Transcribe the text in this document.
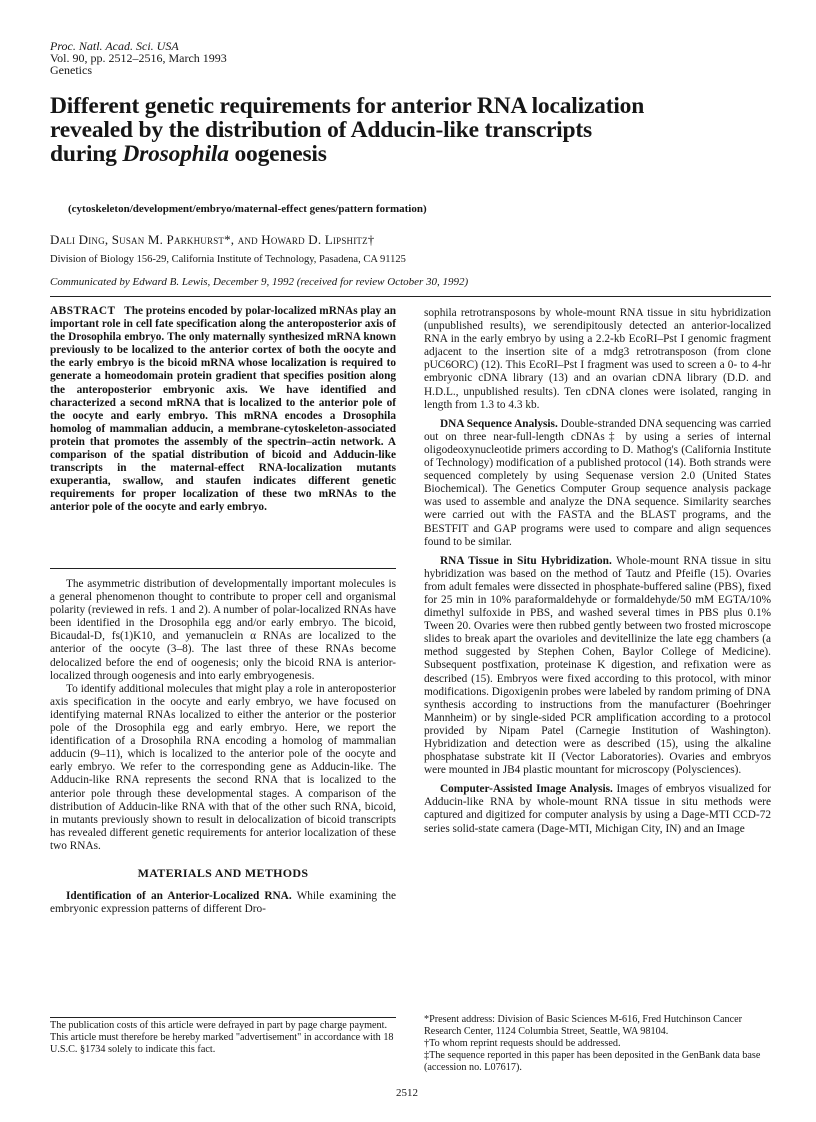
Proc. Natl. Acad. Sci. USA
Vol. 90, pp. 2512–2516, March 1993
Genetics
Different genetic requirements for anterior RNA localization
revealed by the distribution of Adducin-like transcripts
during Drosophila oogenesis
(cytoskeleton/development/embryo/maternal-effect genes/pattern formation)
Dali Ding, Susan M. Parkhurst*, and Howard D. Lipshitz†
Division of Biology 156-29, California Institute of Technology, Pasadena, CA 91125
Communicated by Edward B. Lewis, December 9, 1992 (received for review October 30, 1992)
ABSTRACT The proteins encoded by polar-localized mRNAs play an important role in cell fate specification along the anteroposterior axis of the Drosophila embryo. The only maternally synthesized mRNA known previously to be localized to the anterior cortex of both the oocyte and the early embryo is the bicoid mRNA whose localization is required to generate a homeodomain protein gradient that specifies position along the anteroposterior embryonic axis. We have identified and characterized a second mRNA that is localized to the anterior pole of the oocyte and early embryo. This mRNA encodes a Drosophila homolog of mammalian adducin, a membrane-cytoskeleton-associated protein that promotes the assembly of the spectrin–actin network. A comparison of the spatial distribution of bicoid and Adducin-like transcripts in the maternal-effect RNA-localization mutants exuperantia, swallow, and staufen indicates different genetic requirements for proper localization of these two mRNAs to the anterior pole of the oocyte and early embryo.

The asymmetric distribution of developmentally important molecules is a general phenomenon thought to contribute to proper cell and organismal polarity (reviewed in refs. 1 and 2). A number of polar-localized RNAs have been identified in the Drosophila egg and/or early embryo. The bicoid, Bicaudal-D, fs(1)K10, and yemanuclein α RNAs are localized to the anterior of the oocyte (3–8). The last three of these RNAs become delocalized before the end of oogenesis; only the bicoid RNA is anterior-localized through oogenesis and into early embryogenesis.

To identify additional molecules that might play a role in anteroposterior axis specification in the oocyte and early embryo, we have focused on identifying maternal RNAs localized to either the anterior or the posterior pole of the Drosophila egg and early embryo. Here, we report the identification of a Drosophila RNA encoding a homolog of mammalian adducin (9–11), which is localized to the anterior pole of the oocyte and early embryo. We refer to the corresponding gene as Adducin-like. The Adducin-like RNA represents the second RNA that is localized to the anterior pole through these developmental stages. A comparison of the distribution of Adducin-like RNA with that of the other such RNA, bicoid, in mutants previously shown to result in delocalization of bicoid transcripts has revealed different genetic requirements for anterior localization of these two RNAs.

MATERIALS AND METHODS

Identification of an Anterior-Localized RNA. While examining the embryonic expression patterns of different Dro-

sophila retrotransposons by whole-mount RNA tissue in situ hybridization (unpublished results), we serendipitously detected an anterior-localized RNA in the early embryo by using a 2.2-kb EcoRI–Pst I genomic fragment adjacent to the insertion site of a mdg3 retrotransposon (from clone pUC6ORC) (12). This EcoRI–Pst I fragment was used to screen a 0- to 4-hr embryonic cDNA library (13) and an ovarian cDNA library (D.D. and H.D.L., unpublished results). Ten cDNA clones were isolated, ranging in length from 1.3 to 4.3 kb.

DNA Sequence Analysis. Double-stranded DNA sequencing was carried out on three near-full-length cDNAs‡ by using a series of internal oligodeoxynucleotide primers according to D. Mathog's (California Institute of Technology) modification of a published protocol (14). Both strands were sequenced completely by using Sequenase version 2.0 (United States Biochemical). The Genetics Computer Group sequence analysis package was used to assemble and analyze the DNA sequence. Similarity searches were carried out with the FASTA and the BLAST programs, and the BESTFIT and GAP programs were used to compare and align sequences found to be similar.

RNA Tissue in Situ Hybridization. Whole-mount RNA tissue in situ hybridization was based on the method of Tautz and Pfeifle (15). Ovaries from adult females were dissected in phosphate-buffered saline (PBS), fixed for 25 min in 10% paraformaldehyde or formaldehyde/50 mM EGTA/10% dimethyl sulfoxide in PBS, and washed several times in PBS plus 0.1% Tween 20. Ovaries were then rubbed gently between two frosted microscope slides to break apart the ovarioles and devitellinize the late egg chambers (a method suggested by Stephen Cohen, Baylor College of Medicine). Subsequent postfixation, proteinase K digestion, and refixation were as described (15). Embryos were fixed according to this protocol, with minor modifications. Digoxigenin probes were labeled by random priming of DNA synthesis according to instructions from the manufacturer (Boehringer Mannheim) or by single-sided PCR amplification according to a protocol provided by Nipam Patel (Carnegie Institution of Washington). Hybridization and detection were as described (15), using the alkaline phosphatase substrate kit II (Vector Laboratories). Ovaries and embryos were mounted in JB4 plastic mountant for microscopy (Polysciences).

Computer-Assisted Image Analysis. Images of embryos visualized for Adducin-like RNA by whole-mount RNA tissue in situ methods were captured and digitized for computer analysis by using a Dage-MTI CCD-72 series solid-state camera (Dage-MTI, Michigan City, IN) and an Image

The publication costs of this article were defrayed in part by page charge payment. This article must therefore be hereby marked "advertisement" in accordance with 18 U.S.C. §1734 solely to indicate this fact.
*Present address: Division of Basic Sciences M-616, Fred Hutchinson Cancer Research Center, 1124 Columbia Street, Seattle, WA 98104.
†To whom reprint requests should be addressed.
‡The sequence reported in this paper has been deposited in the GenBank data base (accession no. L07617).
2512
